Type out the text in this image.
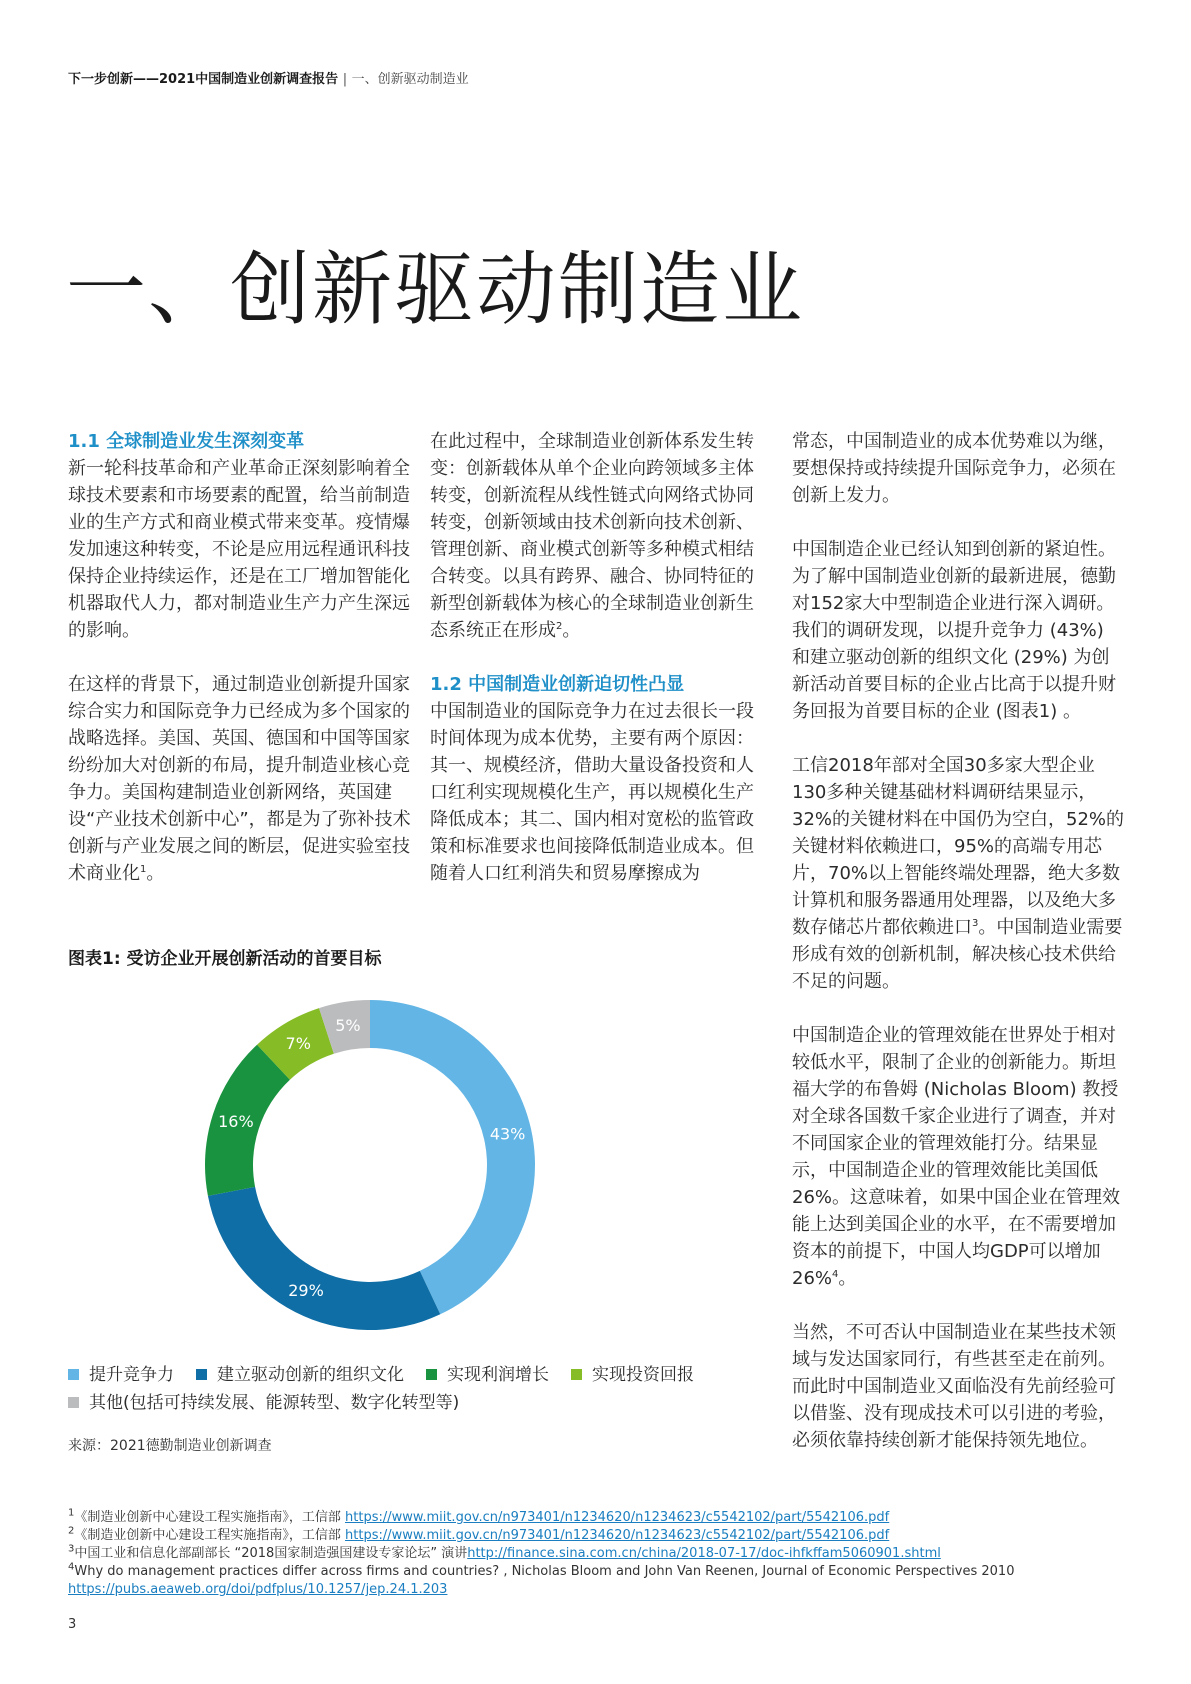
下一步创新——2021中国制造业创新调查报告 | 一、创新驱动制造业
一、创新驱动制造业
1.1 全球制造业发生深刻变革

新一轮科技革命和产业革命正深刻影响着全球技术要素和市场要素的配置，给当前制造业的生产方式和商业模式带来变革。疫情爆发加速这种转变，不论是应用远程通讯科技保持企业持续运作，还是在工厂增加智能化机器取代人力，都对制造业生产力产生深远的影响。

在这样的背景下，通过制造业创新提升国家综合实力和国际竞争力已经成为多个国家的战略选择。美国、英国、德国和中国等国家纷纷加大对创新的布局，提升制造业核心竞争力。美国构建制造业创新网络，英国建设“产业技术创新中心”，都是为了弥补技术创新与产业发展之间的断层，促进实验室技术商业化$^1$。

在此过程中，全球制造业创新体系发生转变：创新载体从单个企业向跨领域多主体转变，创新流程从线性链式向网络式协同转变，创新领域由技术创新向技术创新、管理创新、商业模式创新等多种模式相结合转变。以具有跨界、融合、协同特征的新型创新载体为核心的全球制造业创新生态系统正在形成$^2$。

1.2 中国制造业创新迫切性凸显

中国制造业的国际竞争力在过去很长一段时间体现为成本优势，主要有两个原因：其一、规模经济，借助大量设备投资和人口红利实现规模化生产，再以规模化生产降低成本；其二、国内相对宽松的监管政策和标准要求也间接降低制造业成本。但随着人口红利消失和贸易摩擦成为

常态，中国制造业的成本优势难以为继，要想保持或持续提升国际竞争力，必须在创新上发力。

中国制造企业已经认知到创新的紧迫性。为了解中国制造业创新的最新进展，德勤对152家大中型制造企业进行深入调研。我们的调研发现，以提升竞争力 (43%) 和建立驱动创新的组织文化 (29%) 为创新活动首要目标的企业占比高于以提升财务回报为首要目标的企业 (图表1) 。

工信2018年部对全国30多家大型企业130多种关键基础材料调研结果显示，32%的关键材料在中国仍为空白，52%的关键材料依赖进口，95%的高端专用芯片，70%以上智能终端处理器，绝大多数计算机和服务器通用处理器，以及绝大多数存储芯片都依赖进口$^3$。中国制造业需要形成有效的创新机制，解决核心技术供给不足的问题。

中国制造企业的管理效能在世界处于相对较低水平，限制了企业的创新能力。斯坦福大学的布鲁姆 (Nicholas Bloom) 教授对全球各国数千家企业进行了调查，并对不同国家企业的管理效能打分。结果显示，中国制造企业的管理效能比美国低26%。这意味着，如果中国企业在管理效能上达到美国企业的水平，在不需要增加资本的前提下，中国人均GDP可以增加26%$^4$。

当然，不可否认中国制造业在某些技术领域与发达国家同行，有些甚至走在前列。而此时中国制造业又面临没有先前经验可以借鉴、没有现成技术可以引进的考验，必须依靠持续创新才能保持领先地位。

图表1: 受访企业开展创新活动的首要目标
43%
29%
16%
7%
5%
提升竞争力	建立驱动创新的组织文化	实现利润增长	实现投资回报
其他(包括可持续发展、能源转型、数字化转型等)
来源：2021德勤制造业创新调查

$^1$《制造业创新中心建设工程实施指南》，工信部 https://www.miit.gov.cn/n973401/n1234620/n1234623/c5542102/part/5542106.pdf

$^2$《制造业创新中心建设工程实施指南》，工信部 https://www.miit.gov.cn/n973401/n1234620/n1234623/c5542102/part/5542106.pdf

$^3$中国工业和信息化部副部长 “2018国家制造强国建设专家论坛” 演讲http://finance.sina.com.cn/china/2018-07-17/doc-ihfkffam5060901.shtml

$^4$Why do management practices differ across firms and countries? , Nicholas Bloom and John Van Reenen, Journal of Economic Perspectives 2010 https://pubs.aeaweb.org/doi/pdfplus/10.1257/jep.24.1.203

3
